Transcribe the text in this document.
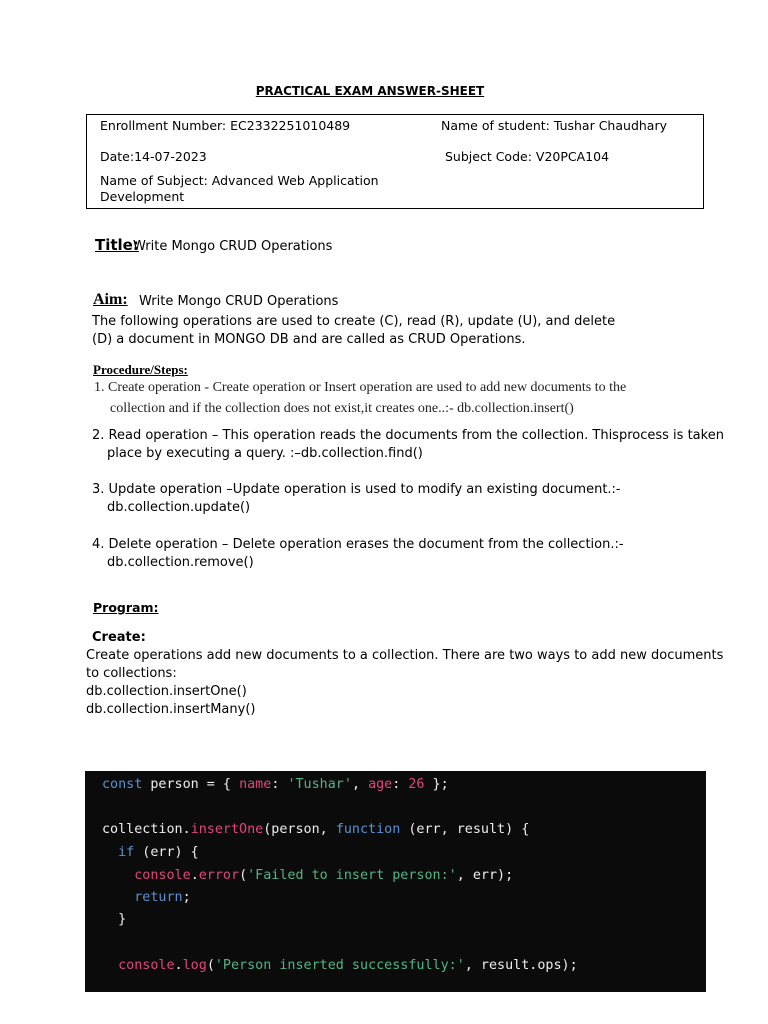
PRACTICAL EXAM ANSWER-SHEET
Enrollment Number: EC2332251010489	Name of student: Tushar Chaudhary
Date:14-07-2023	Subject Code: V20PCA104
Name of Subject: Advanced Web Application
Development
Title:
Write Mongo CRUD Operations
Aim: Write Mongo CRUD Operations
The following operations are used to create (C), read (R), update (U), and delete
(D) a document in MONGO DB and are called as CRUD Operations.
Procedure/Steps:
1. Create operation - Create operation or Insert operation are used to add new documents to the
collection and if the collection does not exist,it creates one..:- db.collection.insert()
2. Read operation – This operation reads the documents from the collection. Thisprocess is taken
place by executing a query. :–db.collection.find()
3. Update operation –Update operation is used to modify an existing document.:-
db.collection.update()
4. Delete operation – Delete operation erases the document from the collection.:-
db.collection.remove()
Program:
Create:
Create operations add new documents to a collection. There are two ways to add new documents
to collections:
db.collection.insertOne()
db.collection.insertMany()
const person = { name: 'Tushar', age: 26 };
collection.insertOne(person, function (err, result) {
if (err) {
console.error('Failed to insert person:', err);
return;
}
console.log('Person inserted successfully:', result.ops);
